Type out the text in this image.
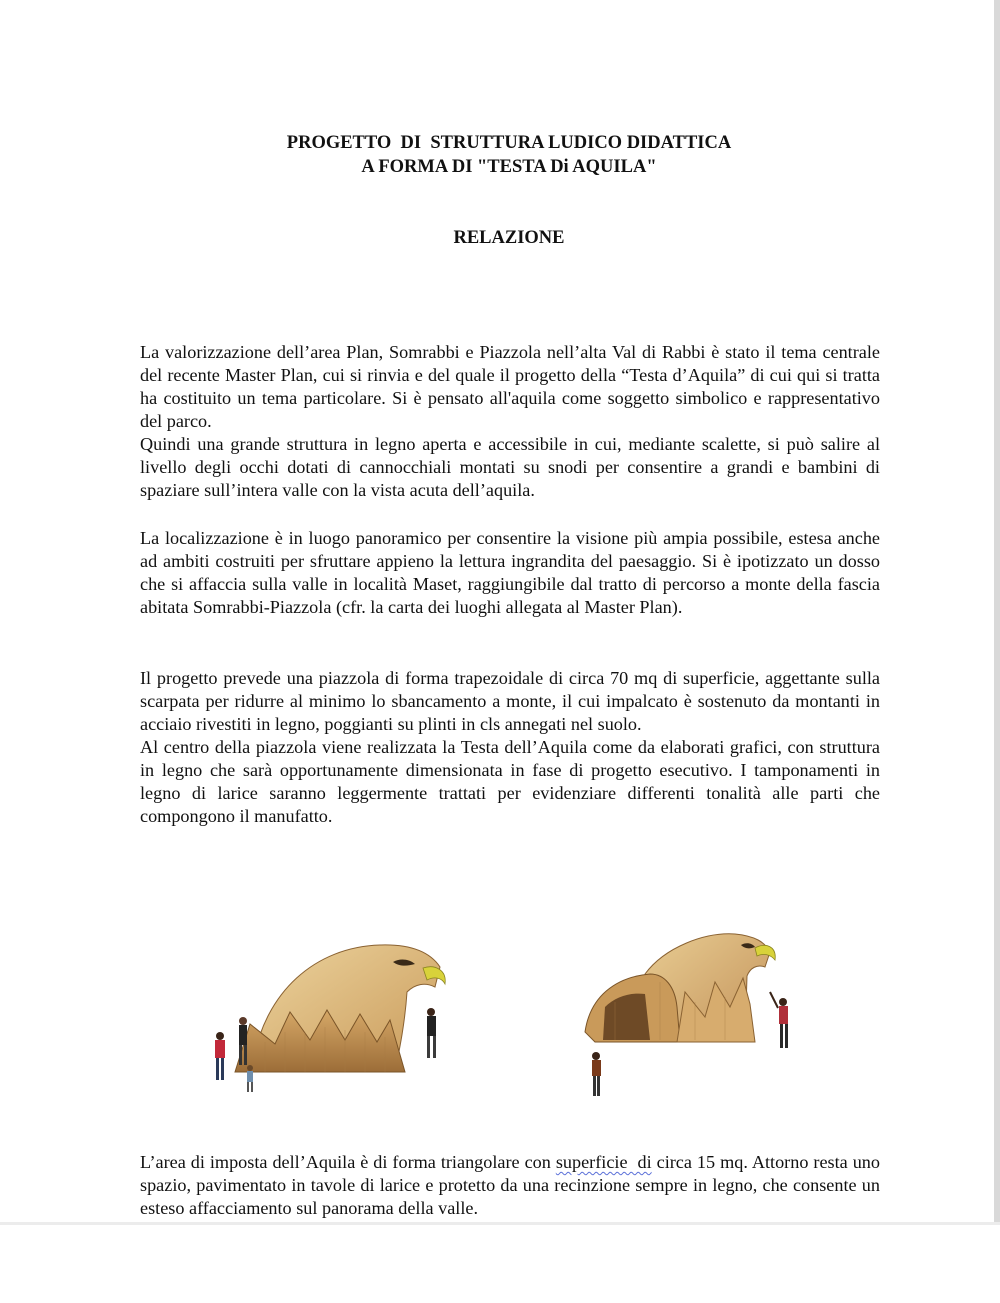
PROGETTO  DI  STRUTTURA LUDICO DIDATTICA
A FORMA DI "TESTA Di AQUILA"
RELAZIONE

La valorizzazione dell’area Plan, Somrabbi e Piazzola nell’alta Val di Rabbi è stato il tema centrale del recente Master Plan, cui si rinvia e del quale il progetto della “Testa d’Aquila” di cui qui si tratta ha costituito un tema particolare. Si è pensato all'aquila come soggetto simbolico e rappresentativo del parco.
Quindi una grande struttura in legno aperta e accessibile in cui, mediante scalette, si può salire al livello degli occhi dotati di cannocchiali montati su snodi per consentire a grandi e bambini di spaziare sull’intera valle con la vista acuta dell’aquila.

La localizzazione è in luogo panoramico per consentire la visione più ampia possibile, estesa anche ad ambiti costruiti per sfruttare appieno la lettura ingrandita del paesaggio. Si è ipotizzato un dosso che si affaccia sulla valle in località Maset, raggiungibile dal tratto di percorso a monte della fascia abitata Somrabbi-Piazzola (cfr. la carta dei luoghi allegata al Master Plan).

Il progetto prevede una piazzola di forma trapezoidale di circa 70 mq di superficie, aggettante sulla scarpata per ridurre al minimo lo sbancamento a monte, il cui impalcato è sostenuto da montanti in acciaio rivestiti in legno, poggianti su plinti in cls annegati nel suolo.
Al centro della piazzola viene realizzata la Testa dell’Aquila come da elaborati grafici, con struttura in legno che sarà opportunamente dimensionata in fase di progetto esecutivo. I tamponamenti in legno di larice saranno leggermente trattati per evidenziare differenti tonalità alle parti che compongono il manufatto.

L’area di imposta dell’Aquila è di forma triangolare con superficie  di circa 15 mq. Attorno resta uno spazio, pavimentato in tavole di larice e protetto da una recinzione sempre in legno, che consente un esteso affacciamento sul panorama della valle.
